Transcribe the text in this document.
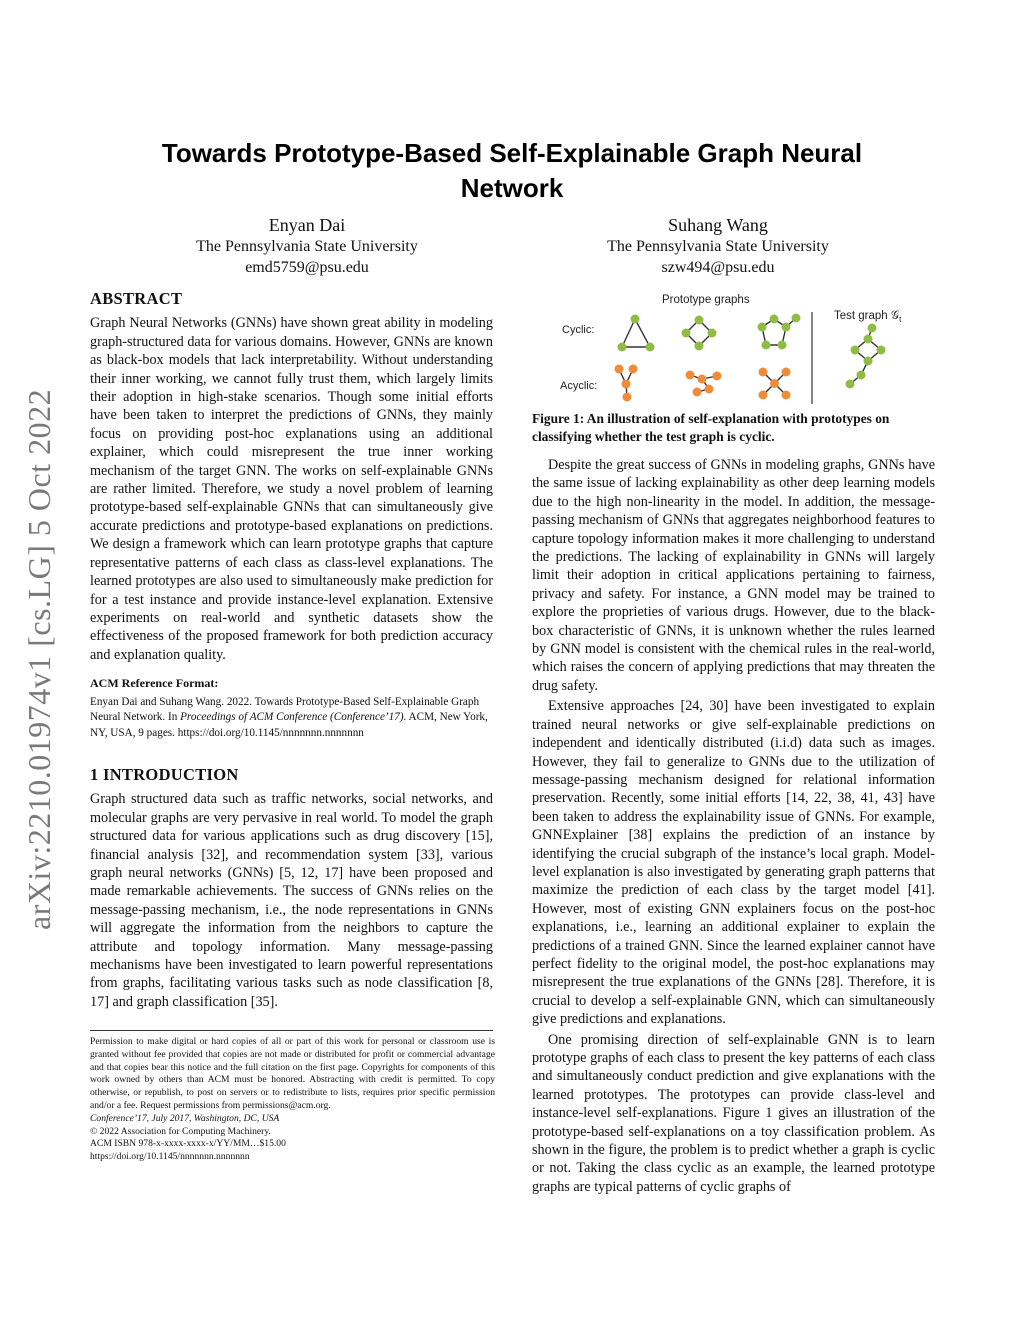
arXiv:2210.01974v1 [cs.LG] 5 Oct 2022
Towards Prototype-Based Self-Explainable Graph Neural Network
Enyan Dai
The Pennsylvania State University
emd5759@psu.edu
Suhang Wang
The Pennsylvania State University
szw494@psu.edu
ABSTRACT

Graph Neural Networks (GNNs) have shown great ability in modeling graph-structured data for various domains. However, GNNs are known as black-box models that lack interpretability. Without understanding their inner working, we cannot fully trust them, which largely limits their adoption in high-stake scenarios. Though some initial efforts have been taken to interpret the predictions of GNNs, they mainly focus on providing post-hoc explanations using an additional explainer, which could misrepresent the true inner working mechanism of the target GNN. The works on self-explainable GNNs are rather limited. Therefore, we study a novel problem of learning prototype-based self-explainable GNNs that can simultaneously give accurate predictions and prototype-based explanations on predictions. We design a framework which can learn prototype graphs that capture representative patterns of each class as class-level explanations. The learned prototypes are also used to simultaneously make prediction for for a test instance and provide instance-level explanation. Extensive experiments on real-world and synthetic datasets show the effectiveness of the proposed framework for both prediction accuracy and explanation quality.

ACM Reference Format:
Enyan Dai and Suhang Wang. 2022. Towards Prototype-Based Self-Explainable Graph Neural Network. In Proceedings of ACM Conference (Conference’17). ACM, New York, NY, USA, 9 pages. https://doi.org/10.1145/nnnnnnn.nnnnnnn
1 INTRODUCTION

Graph structured data such as traffic networks, social networks, and molecular graphs are very pervasive in real world. To model the graph structured data for various applications such as drug discovery [15], financial analysis [32], and recommendation system [33], various graph neural networks (GNNs) [5, 12, 17] have been proposed and made remarkable achievements. The success of GNNs relies on the message-passing mechanism, i.e., the node representations in GNNs will aggregate the information from the neighbors to capture the attribute and topology information. Many message-passing mechanisms have been investigated to learn powerful representations from graphs, facilitating various tasks such as node classification [8, 17] and graph classification [35].

Permission to make digital or hard copies of all or part of this work for personal or classroom use is granted without fee provided that copies are not made or distributed for profit or commercial advantage and that copies bear this notice and the full citation on the first page. Copyrights for components of this work owned by others than ACM must be honored. Abstracting with credit is permitted. To copy otherwise, or republish, to post on servers or to redistribute to lists, requires prior specific permission and/or a fee. Request permissions from permissions@acm.org.
Conference’17, July 2017, Washington, DC, USA
© 2022 Association for Computing Machinery.
ACM ISBN 978-x-xxxx-xxxx-x/YY/MM…$15.00
https://doi.org/10.1145/nnnnnnn.nnnnnnn
Prototype graphs
Test graph 𝒢$_t$
Cyclic:
Acyclic:
Figure 1: An illustration of self-explanation with prototypes on classifying whether the test graph is cyclic.

Despite the great success of GNNs in modeling graphs, GNNs have the same issue of lacking explainability as other deep learning models due to the high non-linearity in the model. In addition, the message-passing mechanism of GNNs that aggregates neighborhood features to capture topology information makes it more challenging to understand the predictions. The lacking of explainability in GNNs will largely limit their adoption in critical applications pertaining to fairness, privacy and safety. For instance, a GNN model may be trained to explore the proprieties of various drugs. However, due to the black-box characteristic of GNNs, it is unknown whether the rules learned by GNN model is consistent with the chemical rules in the real-world, which raises the concern of applying predictions that may threaten the drug safety.

Extensive approaches [24, 30] have been investigated to explain trained neural networks or give self-explainable predictions on independent and identically distributed (i.i.d) data such as images. However, they fail to generalize to GNNs due to the utilization of message-passing mechanism designed for relational information preservation. Recently, some initial efforts [14, 22, 38, 41, 43] have been taken to address the explainability issue of GNNs. For example, GNNExplainer [38] explains the prediction of an instance by identifying the crucial subgraph of the instance’s local graph. Model-level explanation is also investigated by generating graph patterns that maximize the prediction of each class by the target model [41]. However, most of existing GNN explainers focus on the post-hoc explanations, i.e., learning an additional explainer to explain the predictions of a trained GNN. Since the learned explainer cannot have perfect fidelity to the original model, the post-hoc explanations may misrepresent the true explanations of the GNNs [28]. Therefore, it is crucial to develop a self-explainable GNN, which can simultaneously give predictions and explanations.

One promising direction of self-explainable GNN is to learn prototype graphs of each class to present the key patterns of each class and simultaneously conduct prediction and give explanations with the learned prototypes. The prototypes can provide class-level and instance-level self-explanations. Figure 1 gives an illustration of the prototype-based self-explanations on a toy classification problem. As shown in the figure, the problem is to predict whether a graph is cyclic or not. Taking the class cyclic as an example, the learned prototype graphs are typical patterns of cyclic graphs of
